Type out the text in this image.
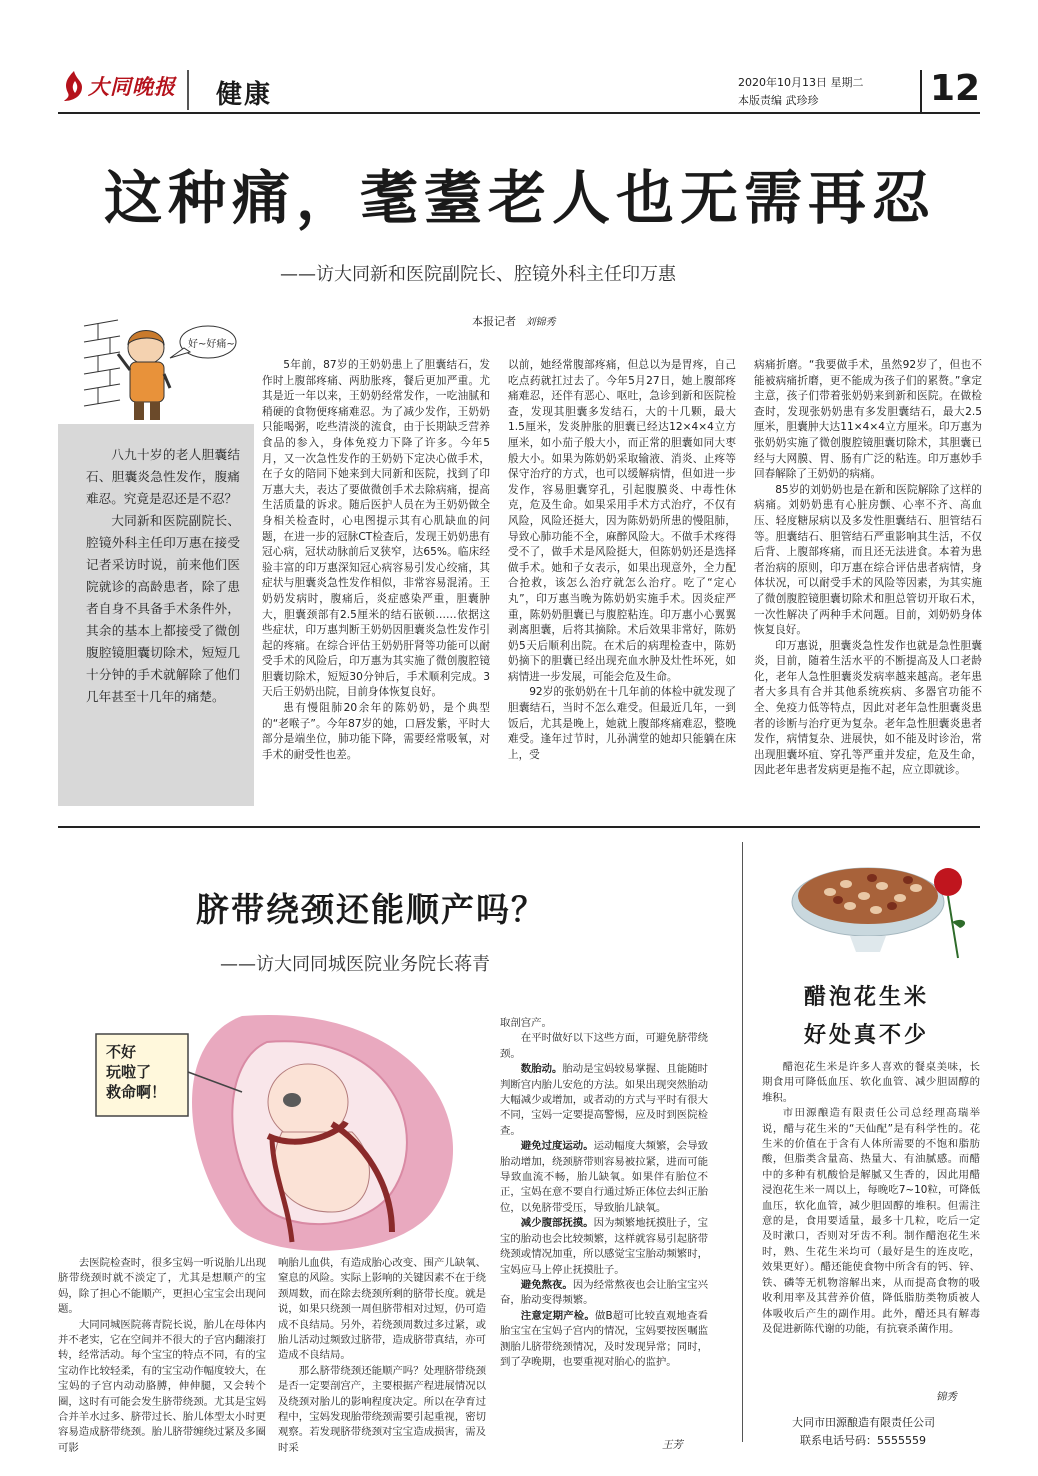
大同晚报 健康	2020年10月13日 星期二
本版责编 武珍珍	12
这种痛，耄耋老人也无需再忍
——访大同新和医院副院长、腔镜外科主任印万惠
本报记者 刘锦秀
好~好痛~

八九十岁的老人胆囊结石、胆囊炎急性发作，腹痛难忍。究竟是忍还是不忍？

大同新和医院副院长、腔镜外科主任印万惠在接受记者采访时说，前来他们医院就诊的高龄患者，除了患者自身不具备手术条件外，其余的基本上都接受了微创腹腔镜胆囊切除术，短短几十分钟的手术就解除了他们几年甚至十几年的痛楚。

5年前，87岁的王奶奶患上了胆囊结石，发作时上腹部疼痛、两肋胀疼，餐后更加严重。尤其是近一年以来，王奶奶经常发作，一吃油腻和稍硬的食物便疼痛难忍。为了减少发作，王奶奶只能喝粥，吃些清淡的流食，由于长期缺乏营养食品的参入，身体免疫力下降了许多。今年5月，又一次急性发作的王奶奶下定决心做手术，在子女的陪同下她来到大同新和医院，找到了印万惠大夫，表达了要做微创手术去除病痛，提高生活质量的诉求。随后医护人员在为王奶奶做全身相关检查时，心电图提示其有心肌缺血的问题，在进一步的冠脉CT检查后，发现王奶奶患有冠心病，冠状动脉前后叉狭窄，达65%。临床经验丰富的印万惠深知冠心病容易引发心绞痛，其症状与胆囊炎急性发作相似，非常容易混淆。王奶奶发病时，腹痛后，炎症感染严重，胆囊肿大，胆囊颈部有2.5厘米的结石嵌顿……依据这些症状，印万惠判断王奶奶因胆囊炎急性发作引起的疼痛。在综合评估王奶奶肝肾等功能可以耐受手术的风险后，印万惠为其实施了微创腹腔镜胆囊切除术，短短30分钟后，手术顺利完成。3天后王奶奶出院，目前身体恢复良好。

患有慢阻肺20余年的陈奶奶，是个典型的“老喉子”。今年87岁的她，口唇发紫，平时大部分是端坐位，肺功能下降，需要经常吸氧，对手术的耐受性也差。

以前，她经常腹部疼痛，但总以为是胃疼，自己吃点药就扛过去了。今年5月27日，她上腹部疼痛难忍，还伴有恶心、呕吐，急诊到新和医院检查，发现其胆囊多发结石，大的十几颗，最大1.5厘米，发炎肿胀的胆囊已经达12×4×4立方厘米，如小茄子般大小，而正常的胆囊如同大枣般大小。如果为陈奶奶采取输液、消炎、止疼等保守治疗的方式，也可以缓解病情，但如进一步发作，容易胆囊穿孔，引起腹膜炎、中毒性休克，危及生命。如果采用手术方式治疗，不仅有风险，风险还挺大，因为陈奶奶所患的慢阻肺，导致心肺功能不全，麻醉风险大。不做手术疼得受不了，做手术是风险挺大，但陈奶奶还是选择做手术。她和子女表示，如果出现意外，全力配合抢救，该怎么治疗就怎么治疗。吃了“定心丸”，印万惠当晚为陈奶奶实施手术。因炎症严重，陈奶奶胆囊已与腹腔粘连。印万惠小心翼翼剥离胆囊，后将其摘除。术后效果非常好，陈奶奶5天后顺利出院。在术后的病理检查中，陈奶奶摘下的胆囊已经出现充血水肿及灶性坏死，如病情进一步发展，可能会危及生命。

92岁的张奶奶在十几年前的体检中就发现了胆囊结石，当时不怎么难受。但最近几年，一到饭后，尤其是晚上，她就上腹部疼痛难忍，整晚难受。逢年过节时，儿孙满堂的她却只能躺在床上，受

病痛折磨。“我要做手术，虽然92岁了，但也不能被病痛折磨，更不能成为孩子们的累赘。”拿定主意，孩子们带着张奶奶来到新和医院。在做检查时，发现张奶奶患有多发胆囊结石，最大2.5厘米，胆囊肿大达11×4×4立方厘米。印万惠为张奶奶实施了微创腹腔镜胆囊切除术，其胆囊已经与大网膜、胃、肠有广泛的粘连。印万惠妙手回春解除了王奶奶的病痛。

85岁的刘奶奶也是在新和医院解除了这样的病痛。刘奶奶患有心脏房颤、心率不齐、高血压、轻度糖尿病以及多发性胆囊结石、胆管结石等。胆囊结石、胆管结石严重影响其生活，不仅后背、上腹部疼痛，而且还无法进食。本着为患者治病的原则，印万惠在综合评估患者病情，身体状况，可以耐受手术的风险等因素，为其实施了微创腹腔镜胆囊切除术和胆总管切开取石术，一次性解决了两种手术问题。目前，刘奶奶身体恢复良好。

印万惠说，胆囊炎急性发作也就是急性胆囊炎，目前，随着生活水平的不断提高及人口老龄化，老年人急性胆囊炎发病率越来越高。老年患者大多具有合并其他系统疾病、多器官功能不全、免疫力低等特点，因此对老年急性胆囊炎患者的诊断与治疗更为复杂。老年急性胆囊炎患者发作，病情复杂、进展快，如不能及时诊治，常出现胆囊坏疽、穿孔等严重并发症，危及生命，因此老年患者发病更是拖不起，应立即就诊。

脐带绕颈还能顺产吗？
——访大同同城医院业务院长蒋青
不好
玩啦了
救命啊！

去医院检查时，很多宝妈一听说胎儿出现脐带绕颈时就不淡定了，尤其是想顺产的宝妈，除了担心不能顺产，更担心宝宝会出现问题。

大同同城医院蒋青院长说，胎儿在母体内并不老实，它在空间并不很大的子宫内翻滚打转，经常活动。每个宝宝的特点不同，有的宝宝动作比较轻柔，有的宝宝动作幅度较大，在宝妈的子宫内动动胳膊，伸伸腿，又会转个圈，这时有可能会发生脐带绕颈。尤其是宝妈合并羊水过多、脐带过长、胎儿体型太小时更容易造成脐带绕颈。胎儿脐带缠绕过紧及多圈可影

响胎儿血供，有造成胎心改变、围产儿缺氧、窒息的风险。实际上影响的关键因素不在于绕颈周数，而在除去绕颈所剩的脐带长度。就是说，如果只绕颈一周但脐带相对过短，仍可造成不良结局。另外，若绕颈周数过多过紧，或胎儿活动过频致过脐带，造成脐带真结，亦可造成不良结局。

那么脐带绕颈还能顺产吗？处理脐带绕颈是否一定要剖宫产，主要根据产程进展情况以及绕颈对胎儿的影响程度决定。所以在孕育过程中，宝妈发现胎带绕颈需要引起重视，密切观察。若发现脐带绕颈对宝宝造成损害，需及时采

取剖宫产。

在平时做好以下这些方面，可避免脐带绕颈。

数胎动。胎动是宝妈较易掌握、且能随时判断宫内胎儿安危的方法。如果出现突然胎动大幅减少或增加，或者动的方式与平时有很大不同，宝妈一定要提高警惕，应及时到医院检查。

避免过度运动。运动幅度大频繁，会导致胎动增加，绕颈脐带则容易被拉紧，进而可能导致血流不畅，胎儿缺氧。如果伴有胎位不正，宝妈在意不要自行通过矫正体位去纠正胎位，以免脐带受压，导致胎儿缺氧。

减少腹部抚摸。因为频繁地抚摸肚子，宝宝的胎动也会比较频繁，这样就容易引起脐带绕颈或情况加重，所以感觉宝宝胎动频繁时，宝妈应马上停止抚摸肚子。

避免熬夜。因为经常熬夜也会让胎宝宝兴奋，胎动变得频繁。

注意定期产检。做B超可比较直观地查看胎宝宝在宝妈子宫内的情况，宝妈要按医嘱监测胎儿脐带绕颈情况，及时发现异常；同时，到了孕晚期，也要重视对胎心的监护。

王芳
醋泡花生米
好处真不少

醋泡花生米是许多人喜欢的餐桌美味，长期食用可降低血压、软化血管、减少胆固醇的堆积。

市田源酿造有限责任公司总经理高瑞举说，醋与花生米的“天仙配”是有科学性的。花生米的价值在于含有人体所需要的不饱和脂肪酸，但脂类含量高、热量大、有油腻感。而醋中的多种有机酸恰是解腻又生香的，因此用醋浸泡花生米一周以上，每晚吃7~10粒，可降低血压，软化血管，减少胆固醇的堆积。但需注意的是，食用要适量，最多十几粒，吃后一定及时漱口，否则对牙齿不利。制作醋泡花生米时，熟、生花生米均可（最好是生的连皮吃，效果更好）。醋还能使食物中所含有的钙、锌、铁、磷等无机物溶解出来，从而提高食物的吸收利用率及其营养价值，降低脂肪类物质被人体吸收后产生的副作用。此外，醋还具有解毒及促进新陈代谢的功能，有抗衰杀菌作用。

锦秀
大同市田源酿造有限责任公司
联系电话号码：5555559
